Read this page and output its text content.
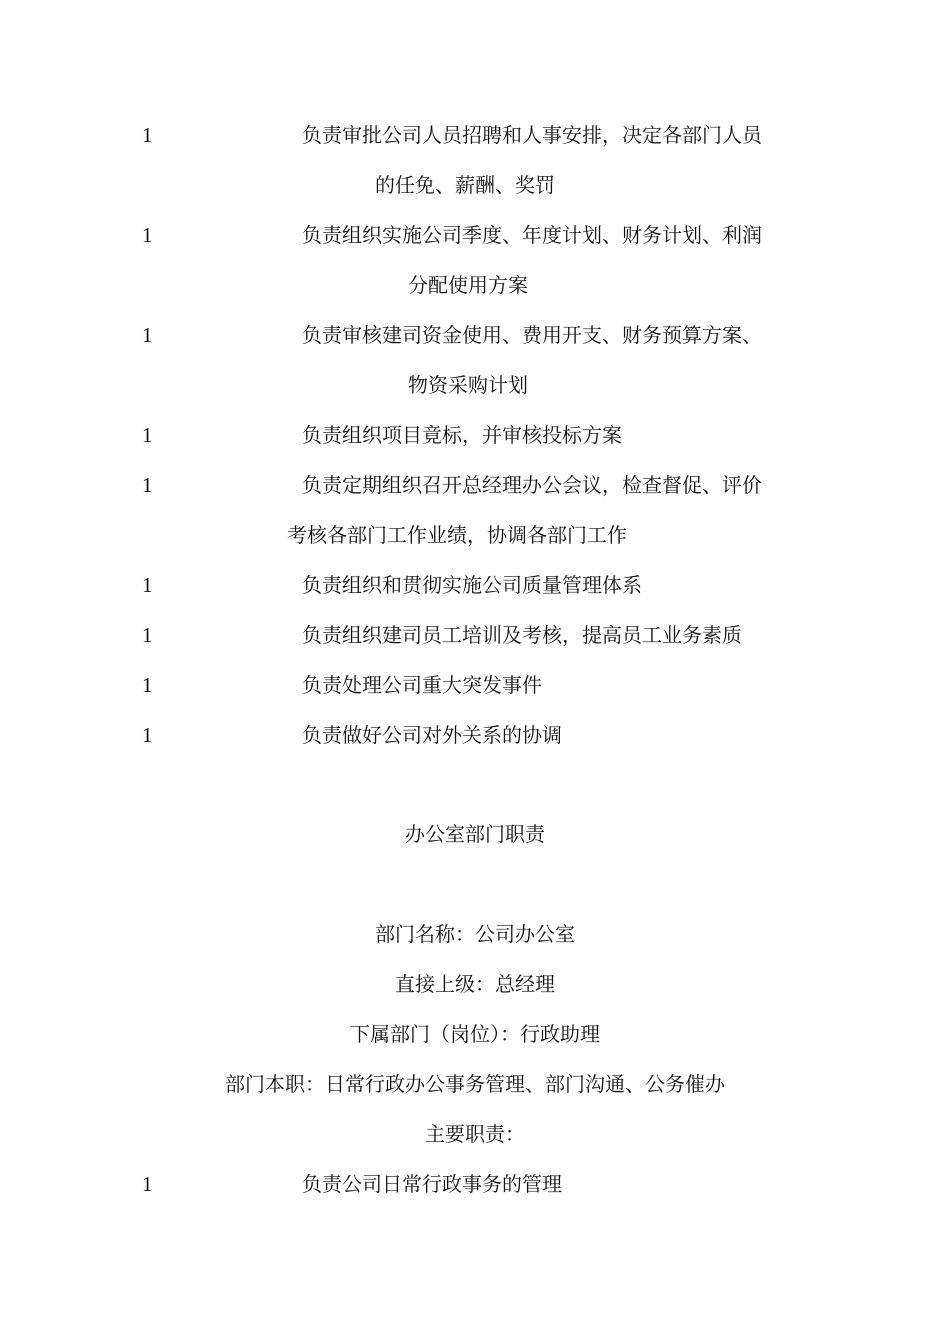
1	负责审批公司人员招聘和人事安排，决定各部门人员
的任免、薪酬、奖罚
1	负责组织实施公司季度、年度计划、财务计划、利润
分配使用方案
1	负责审核建司资金使用、费用开支、财务预算方案、
物资采购计划
1	负责组织项目竟标，并审核投标方案
1	负责定期组织召开总经理办公会议，检查督促、评价
考核各部门工作业绩，协调各部门工作
1	负责组织和贯彻实施公司质量管理体系
1	负责组织建司员工培训及考核，提高员工业务素质
1	负责处理公司重大突发事件
1	负责做好公司对外关系的协调
办公室部门职责
部门名称：公司办公室
直接上级：总经理
下属部门（岗位）：行政助理
部门本职：日常行政办公事务管理、部门沟通、公务催办
主要职责：
1	负责公司日常行政事务的管理
